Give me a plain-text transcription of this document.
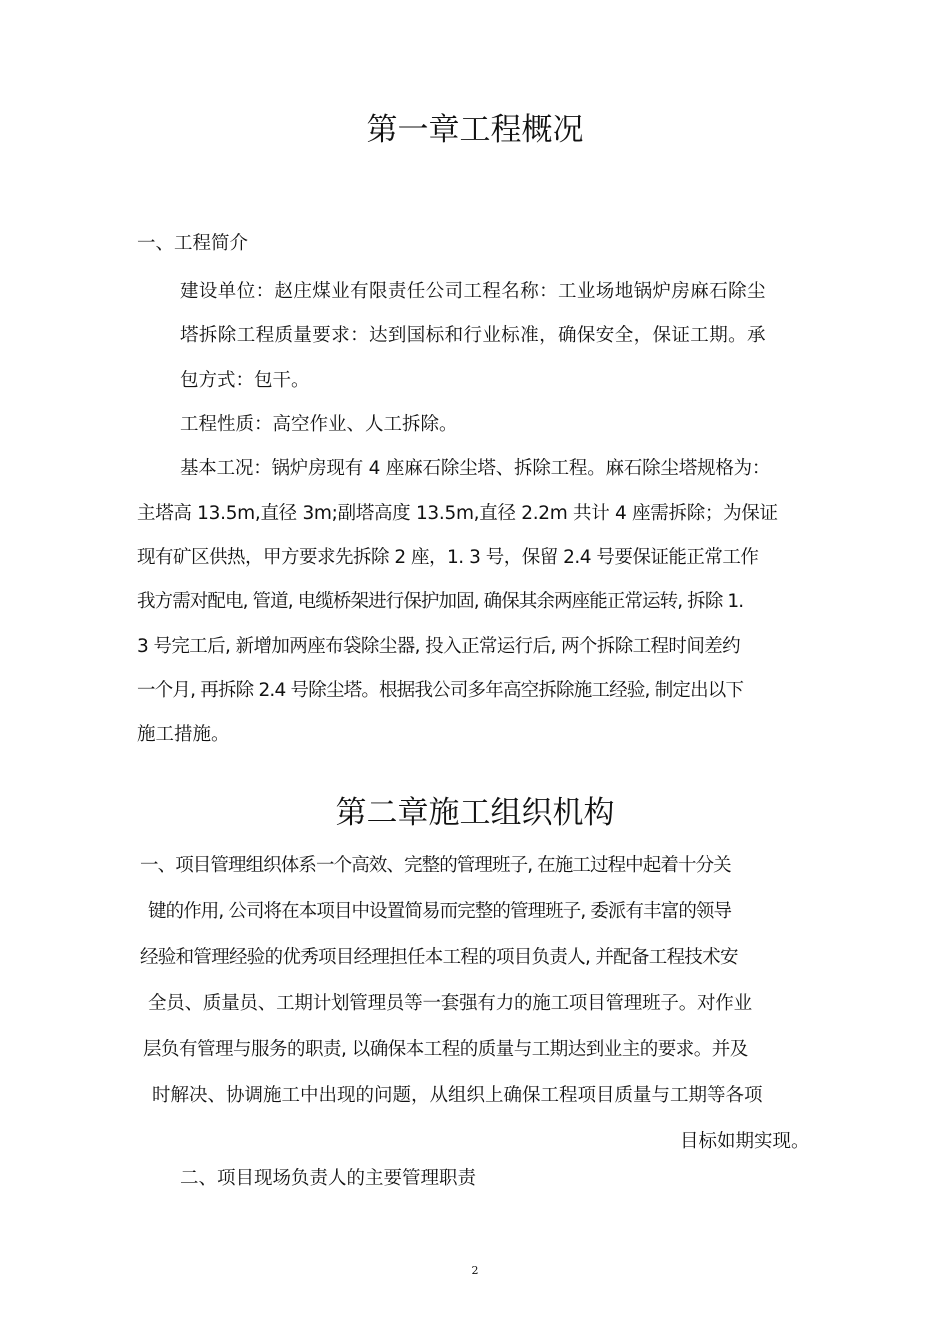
第一章工程概况
一、工程简介
建设单位：赵庄煤业有限责任公司工程名称：工业场地锅炉房麻石除尘
塔拆除工程质量要求：达到国标和行业标准，确保安全，保证工期。承
包方式：包干。
工程性质：高空作业、人工拆除。
基本工况：锅炉房现有 4 座麻石除尘塔、拆除工程。麻石除尘塔规格为：
主塔高 13.5m,直径 3m;副塔高度 13.5m,直径 2.2m 共计 4 座需拆除；为保证
现有矿区供热，甲方要求先拆除 2 座，1. 3 号，保留 2.4 号要保证能正常工作
我方需对配电, 管道, 电缆桥架进行保护加固, 确保其余两座能正常运转, 拆除 1.
3 号完工后, 新增加两座布袋除尘器, 投入正常运行后, 两个拆除工程时间差约
一个月, 再拆除 2.4 号除尘塔。根据我公司多年高空拆除施工经验, 制定出以下
施工措施。
第二章施工组织机构
一、项目管理组织体系一个高效、完整的管理班子, 在施工过程中起着十分关
键的作用, 公司将在本项目中设置简易而完整的管理班子, 委派有丰富的领导
经验和管理经验的优秀项目经理担任本工程的项目负责人, 并配备工程技术安
全员、质量员、工期计划管理员等一套强有力的施工项目管理班子。对作业
层负有管理与服务的职责, 以确保本工程的质量与工期达到业主的要求。并及
时解决、协调施工中出现的问题，从组织上确保工程项目质量与工期等各项
目标如期实现。
二、项目现场负责人的主要管理职责
2
